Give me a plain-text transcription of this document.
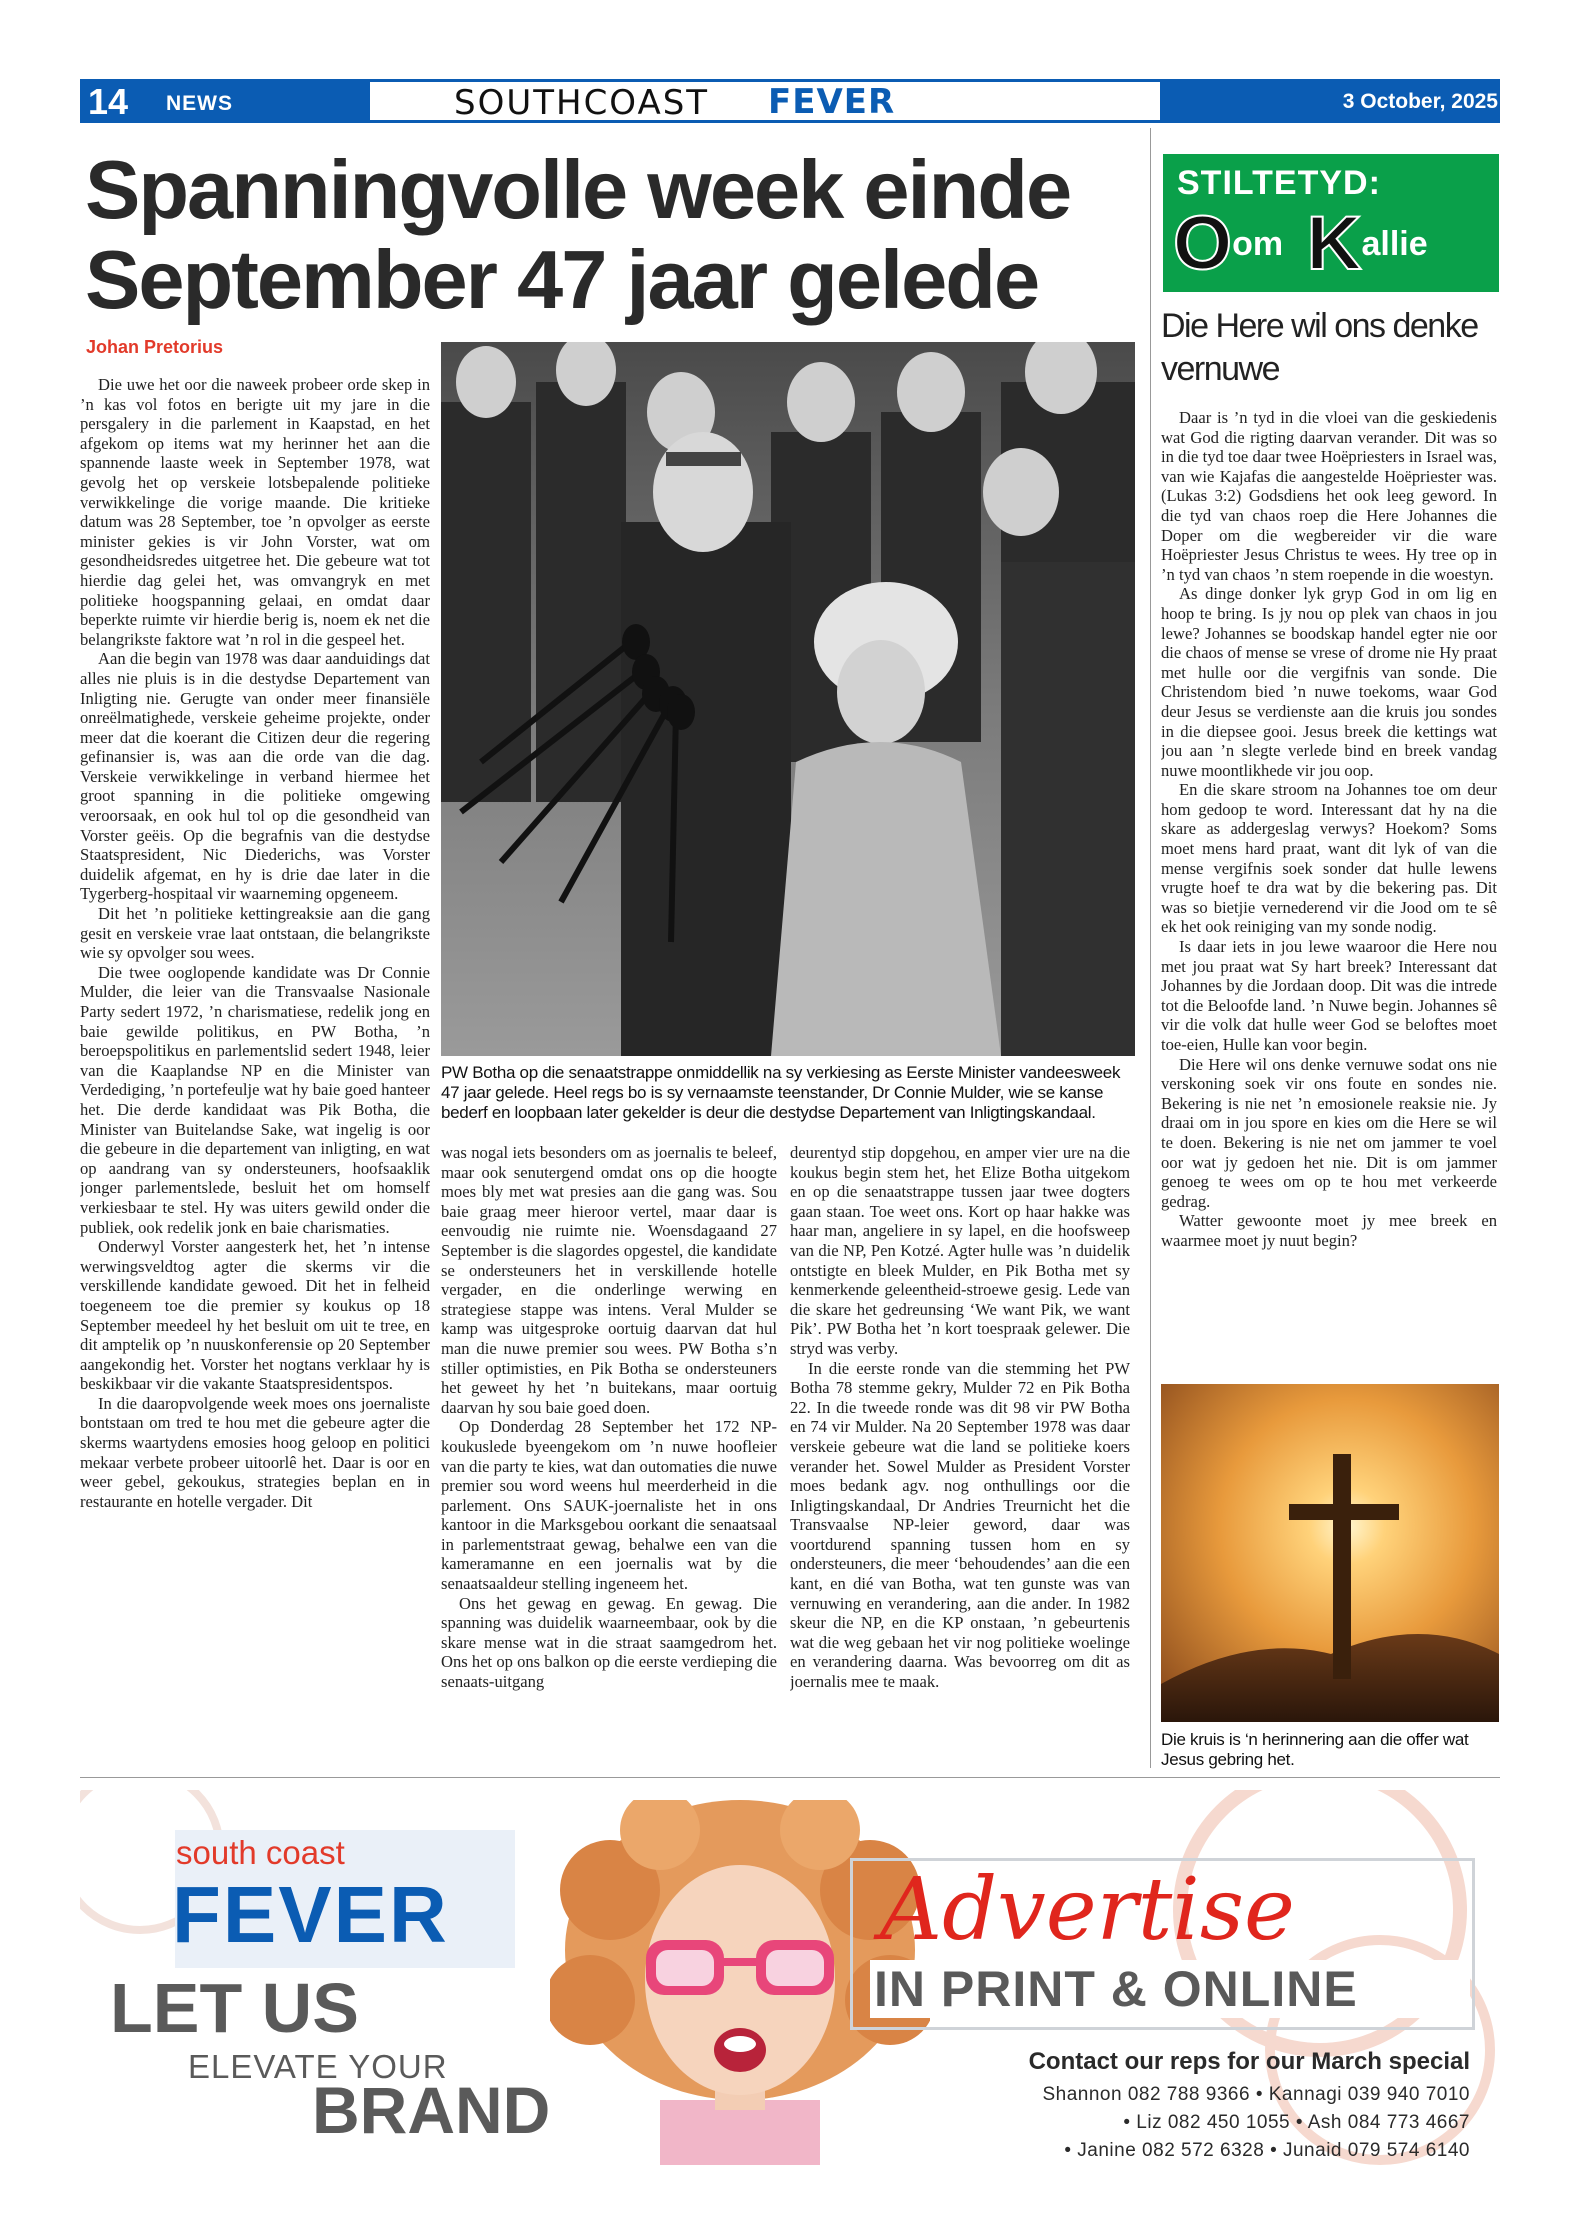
14 NEWS	SOUTHCOAST FEVER	3 October, 2025
Spanningvolle week einde
September 47 jaar gelede
Johan Pretorius

Die uwe het oor die naweek probeer orde skep in ’n kas vol fotos en berigte uit my jare in die persgalery in die parlement in Kaapstad, en het afgekom op items wat my herinner het aan die spannende laaste week in September 1978, wat gevolg het op verskeie lotsbepalende politieke verwikkelinge die vorige maande. Die kritieke datum was 28 September, toe ’n opvolger as eerste minister gekies is vir John Vorster, wat om gesondheidsredes uitgetree het. Die gebeure wat tot hierdie dag gelei het, was omvangryk en met politieke hoogspanning gelaai, en omdat daar beperkte ruimte vir hierdie berig is, noem ek net die belangrikste faktore wat ’n rol in die gespeel het.

Aan die begin van 1978 was daar aanduidings dat alles nie pluis is in die destydse Departement van Inligting nie. Gerugte van onder meer finansiële onreëlmatighede, verskeie geheime projekte, onder meer dat die koerant die Citizen deur die regering gefinansier is, was aan die orde van die dag. Verskeie verwikkelinge in verband hiermee het groot spanning in die politieke omgewing veroorsaak, en ook hul tol op die gesondheid van Vorster geëis. Op die begrafnis van die destydse Staatspresident, Nic Diederichs, was Vorster duidelik afgemat, en hy is drie dae later in die Tygerberg-hospitaal vir waarneming opgeneem.

Dit het ’n politieke kettingreaksie aan die gang gesit en verskeie vrae laat ontstaan, die belangrikste wie sy opvolger sou wees.

Die twee ooglopende kandidate was Dr Connie Mulder, die leier van die Transvaalse Nasionale Party sedert 1972, ’n charismatiese, redelik jong en baie gewilde politikus, en PW Botha, ’n beroepspolitikus en parlementslid sedert 1948, leier van die Kaaplandse NP en die Minister van Verdediging, ’n portefeulje wat hy baie goed hanteer het. Die derde kandidaat was Pik Botha, die Minister van Buitelandse Sake, wat ingelig is oor die gebeure in die departement van inligting, en wat op aandrang van sy ondersteuners, hoofsaaklik jonger parlementslede, besluit het om homself verkiesbaar te stel. Hy was uiters gewild onder die publiek, ook redelik jonk en baie charismaties.

Onderwyl Vorster aangesterk het, het ’n intense werwingsveldtog agter die skerms vir die verskillende kandidate gewoed. Dit het in felheid toegeneem toe die premier sy koukus op 18 September meedeel hy het besluit om uit te tree, en dit amptelik op ’n nuuskonferensie op 20 September aangekondig het. Vorster het nogtans verklaar hy is beskikbaar vir die vakante Staatspresidentspos.

In die daaropvolgende week moes ons joernaliste bontstaan om tred te hou met die gebeure agter die skerms waartydens emosies hoog geloop en politici mekaar verbete probeer uitoorlê het. Daar is oor en weer gebel, gekoukus, strategies beplan en in restaurante en hotelle vergader. Dit

PW Botha op die senaatstrappe onmiddellik na sy verkiesing as Eerste Minister vandeesweek 47 jaar gelede. Heel regs bo is sy vernaamste teenstander, Dr Connie Mulder, wie se kanse bederf en loopbaan later gekelder is deur die destydse Departement van Inligtingskandaal.

was nogal iets besonders om as joernalis te beleef, maar ook senutergend omdat ons op die hoogte moes bly met wat presies aan die gang was. Sou baie graag meer hieroor vertel, maar daar is eenvoudig nie ruimte nie. Woensdagaand 27 September is die slagordes opgestel, die kandidate se ondersteuners het in verskillende hotelle vergader, en die onderlinge werwing en strategiese stappe was intens. Veral Mulder se kamp was uitgesproke oortuig daarvan dat hul man die nuwe premier sou wees. PW Botha s’n stiller optimisties, en Pik Botha se ondersteuners het geweet hy het ’n buitekans, maar oortuig daarvan hy sou baie goed doen.

Op Donderdag 28 September het 172 NP-koukuslede byeengekom om ’n nuwe hoofleier van die party te kies, wat dan outomaties die nuwe premier sou word weens hul meerderheid in die parlement. Ons SAUK-joernaliste het in ons kantoor in die Marksgebou oorkant die senaatsaal in parlementstraat gewag, behalwe een van die kameramanne en een joernalis wat by die senaatsaaldeur stelling ingeneem het.

Ons het gewag en gewag. En gewag. Die spanning was duidelik waarneembaar, ook by die skare mense wat in die straat saamgedrom het. Ons het op ons balkon op die eerste verdieping die senaats-uitgang

deurentyd stip dopgehou, en amper vier ure na die koukus begin stem het, het Elize Botha uitgekom en op die senaatstrappe tussen jaar twee dogters gaan staan. Toe weet ons. Kort op haar hakke was haar man, angeliere in sy lapel, en die hoofsweep van die NP, Pen Kotzé. Agter hulle was ’n duidelik ontstigte en bleek Mulder, en Pik Botha met sy kenmerkende geleentheid-stroewe gesig. Lede van die skare het gedreunsing ‘We want Pik, we want Pik’. PW Botha het ’n kort toespraak gelewer. Die stryd was verby.

In die eerste ronde van die stemming het PW Botha 78 stemme gekry, Mulder 72 en Pik Botha 22. In die tweede ronde was dit 98 vir PW Botha en 74 vir Mulder. Na 20 September 1978 was daar verskeie gebeure wat die land se politieke koers verander het. Sowel Mulder as President Vorster moes bedank agv. nog onthullings oor die Inligtingskandaal, Dr Andries Treurnicht het die Transvaalse NP-leier geword, daar was voortdurend spanning tussen hom en sy ondersteuners, die meer ‘behoudendes’ aan die een kant, en dié van Botha, wat ten gunste was van vernuwing en verandering, aan die ander. In 1982 skeur die NP, en die KP onstaan, ’n gebeurtenis wat die weg gebaan het vir nog politieke woelinge en verandering daarna. Was bevoorreg om dit as joernalis mee te maak.

STILTETYD:
Oom Kallie
Die Here wil ons denke vernuwe

Daar is ’n tyd in die vloei van die geskiedenis wat God die rigting daarvan verander. Dit was so in die tyd toe daar twee Hoëpriesters in Israel was, van wie Kajafas die aangestelde Hoëpriester was. (Lukas 3:2) Godsdiens het ook leeg geword. In die tyd van chaos roep die Here Johannes die Doper om die wegbereider vir die ware Hoëpriester Jesus Christus te wees. Hy tree op in ’n tyd van chaos ’n stem roepende in die woestyn.

As dinge donker lyk gryp God in om lig en hoop te bring. Is jy nou op plek van chaos in jou lewe? Johannes se boodskap handel egter nie oor die chaos of mense se vrese of drome nie Hy praat met hulle oor die vergifnis van sonde. Die Christendom bied ’n nuwe toekoms, waar God deur Jesus se verdienste aan die kruis jou sondes in die diepsee gooi. Jesus breek die kettings wat jou aan ’n slegte verlede bind en breek vandag nuwe moontlikhede vir jou oop.

En die skare stroom na Johannes toe om deur hom gedoop te word. Interessant dat hy na die skare as addergeslag verwys? Hoekom? Soms moet mens hard praat, want dit lyk of van die mense vergifnis soek sonder dat hulle lewens vrugte hoef te dra wat by die bekering pas. Dit was so bietjie vernederend vir die Jood om te sê ek het ook reiniging van my sonde nodig.

Is daar iets in jou lewe waaroor die Here nou met jou praat wat Sy hart breek? Interessant dat Johannes by die Jordaan doop. Dit was die intrede tot die Beloofde land. ’n Nuwe begin. Johannes sê vir die volk dat hulle weer God se beloftes moet toe-eien, Hulle kan voor begin.

Die Here wil ons denke vernuwe sodat ons nie verskoning soek vir ons foute en sondes nie. Bekering is nie net ’n emosionele reaksie nie. Jy draai om in jou spore en kies om die Here se wil te doen. Bekering is nie net om jammer te voel oor wat jy gedoen het nie. Dit is om jammer genoeg te wees om op te hou met verkeerde gedrag.

Watter gewoonte moet jy mee breek en waarmee moet jy nuut begin?

Die kruis is ‘n herinnering aan die offer wat Jesus gebring het.
south coast
FEVER
LET US
ELEVATE YOUR
BRAND
Advertise
IN PRINT & ONLINE
Contact our reps for our March special
Shannon 082 788 9366 • Kannagi 039 940 7010
• Liz 082 450 1055 • Ash 084 773 4667
• Janine 082 572 6328 • Junaid 079 574 6140
